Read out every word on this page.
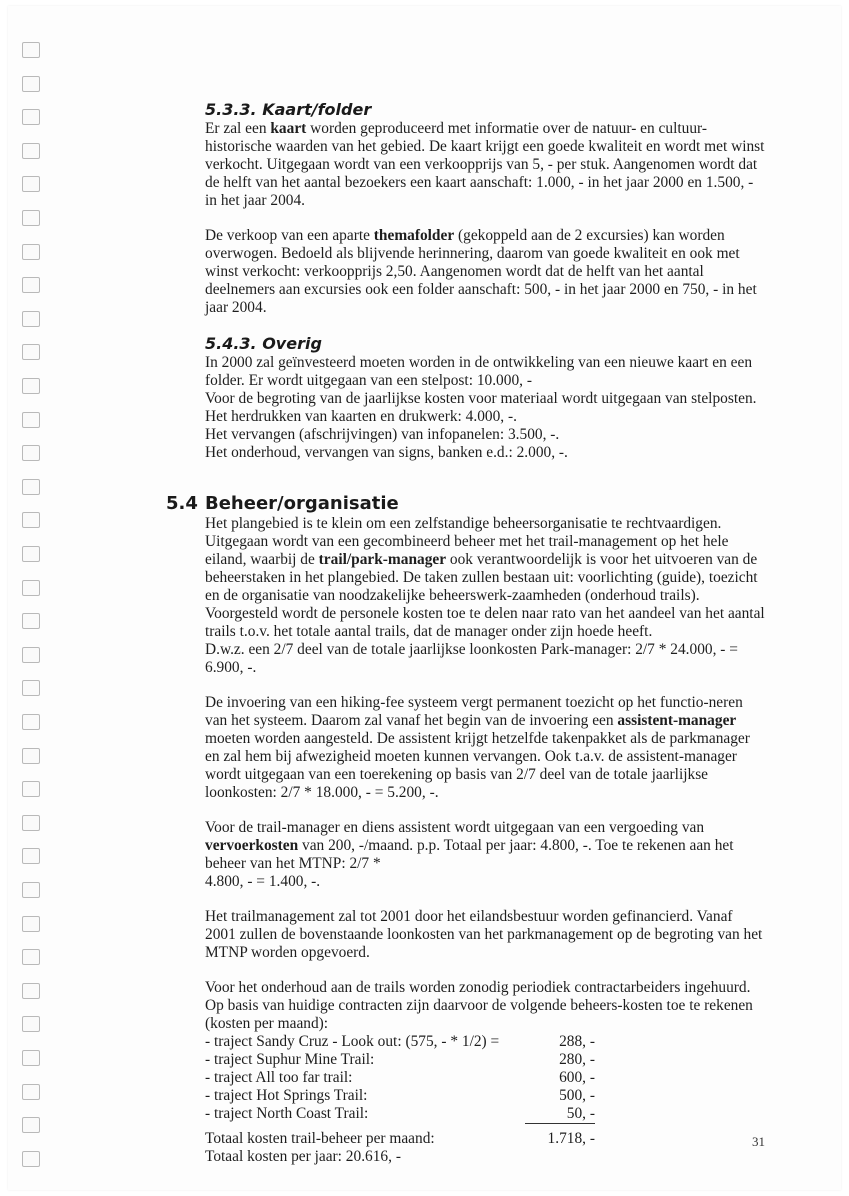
5.3.3. Kaart/folder

Er zal een kaart worden geproduceerd met informatie over de natuur- en cultuur-historische waarden van het gebied. De kaart krijgt een goede kwaliteit en wordt met winst verkocht. Uitgegaan wordt van een verkoopprijs van 5, - per stuk. Aangenomen wordt dat de helft van het aantal bezoekers een kaart aanschaft: 1.000, - in het jaar 2000 en 1.500, - in het jaar 2004.

De verkoop van een aparte themafolder (gekoppeld aan de 2 excursies) kan worden overwogen. Bedoeld als blijvende herinnering, daarom van goede kwaliteit en ook met winst verkocht: verkoopprijs 2,50. Aangenomen wordt dat de helft van het aantal deelnemers aan excursies ook een folder aanschaft: 500, - in het jaar 2000 en 750, - in het jaar 2004.

5.4.3. Overig

In 2000 zal geïnvesteerd moeten worden in de ontwikkeling van een nieuwe kaart en een folder. Er wordt uitgegaan van een stelpost: 10.000, -

Voor de begroting van de jaarlijkse kosten voor materiaal wordt uitgegaan van stelposten.

Het herdrukken van kaarten en drukwerk: 4.000, -.

Het vervangen (afschrijvingen) van infopanelen: 3.500, -.

Het onderhoud, vervangen van signs, banken e.d.: 2.000, -.

5.4 Beheer/organisatie

Het plangebied is te klein om een zelfstandige beheersorganisatie te rechtvaardigen. Uitgegaan wordt van een gecombineerd beheer met het trail-management op het hele eiland, waarbij de trail/park-manager ook verantwoordelijk is voor het uitvoeren van de beheerstaken in het plangebied. De taken zullen bestaan uit: voorlichting (guide), toezicht en de organisatie van noodzakelijke beheerswerk-zaamheden (onderhoud trails). Voorgesteld wordt de personele kosten toe te delen naar rato van het aandeel van het aantal trails t.o.v. het totale aantal trails, dat de manager onder zijn hoede heeft.

D.w.z. een 2/7 deel van de totale jaarlijkse loonkosten Park-manager: 2/7 * 24.000, - = 6.900, -.

De invoering van een hiking-fee systeem vergt permanent toezicht op het functio-neren van het systeem. Daarom zal vanaf het begin van de invoering een assistent-manager moeten worden aangesteld. De assistent krijgt hetzelfde takenpakket als de parkmanager en zal hem bij afwezigheid moeten kunnen vervangen. Ook t.a.v. de assistent-manager wordt uitgegaan van een toerekening op basis van 2/7 deel van de totale jaarlijkse loonkosten: 2/7 * 18.000, - = 5.200, -.

Voor de trail-manager en diens assistent wordt uitgegaan van een vergoeding van vervoerkosten van 200, -/maand. p.p. Totaal per jaar: 4.800, -. Toe te rekenen aan het beheer van het MTNP: 2/7 *

4.800, - = 1.400, -.

Het trailmanagement zal tot 2001 door het eilandsbestuur worden gefinancierd. Vanaf 2001 zullen de bovenstaande loonkosten van het parkmanagement op de begroting van het MTNP worden opgevoerd.

Voor het onderhoud aan de trails worden zonodig periodiek contractarbeiders ingehuurd. Op basis van huidige contracten zijn daarvoor de volgende beheers-kosten toe te rekenen (kosten per maand):

- traject Sandy Cruz - Look out: (575, - * 1/2) =	288, -
- traject Suphur Mine Trail:	280, -
- traject All too far trail:	600, -
- traject Hot Springs Trail:	500, -
- traject North Coast Trail:	50, -
Totaal kosten trail-beheer per maand:	1.718, -

Totaal kosten per jaar: 20.616, -

31
